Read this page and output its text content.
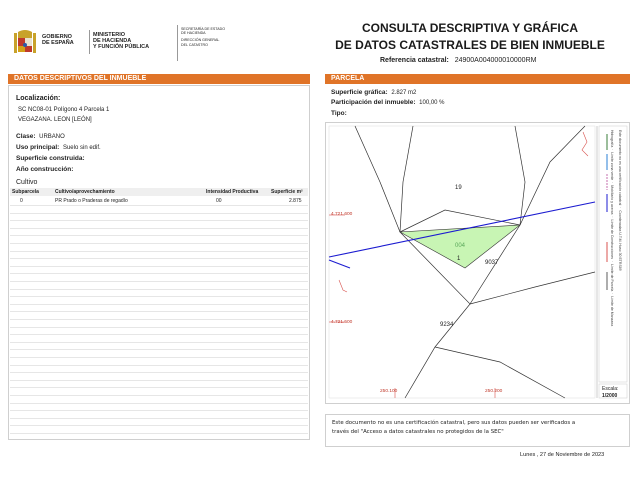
GOBIERNO
DE ESPAÑA
MINISTERIO
DE HACIENDA
Y FUNCIÓN PÚBLICA
SECRETARÍA DE ESTADO
DE HACIENDA
DIRECCIÓN GENERAL
DEL CATASTRO
CONSULTA DESCRIPTIVA Y GRÁFICA
DE DATOS CATASTRALES DE BIEN INMUEBLE
Referencia catastral: 24900A004000010000RM
DATOS DESCRIPTIVOS DEL INMUEBLE
Localización:
SC NC08-01 Polígono 4 Parcela 1
VEGAZANA. LEON [LEÓN]
Clase: URBANO
Uso principal: Suelo sin edif.
Superficie construida:
Año construcción:
Cultivo
Subparcela	Cultivo/aprovechamiento	Intensidad Productiva	Superficie m²
0	PR Prado o Praderas de regadío	00	2.875
PARCELA
Superficie gráfica: 2.827 m2
Participación del inmueble: 100,00 %
Tipo:
19
004
1
9037
9234
4.721.600
4.721.500
250.100	250.200
Hidrografía  ·  Límite zona verde  ·  Mobiliario y aceras  ·  Límite de Construcciones  ·  Límite de Parcela  ·  Límite de Manzana
Este documento no es una certificación catastral  ·  Coordenadas U.T.M. Huso 30 ETRS89
Escala:
1/2000
Este documento no es una certificación catastral, pero sus datos pueden ser verificados a
través del "Acceso a datos catastrales no protegidos de la SEC"
Lunes , 27 de Noviembre de 2023
